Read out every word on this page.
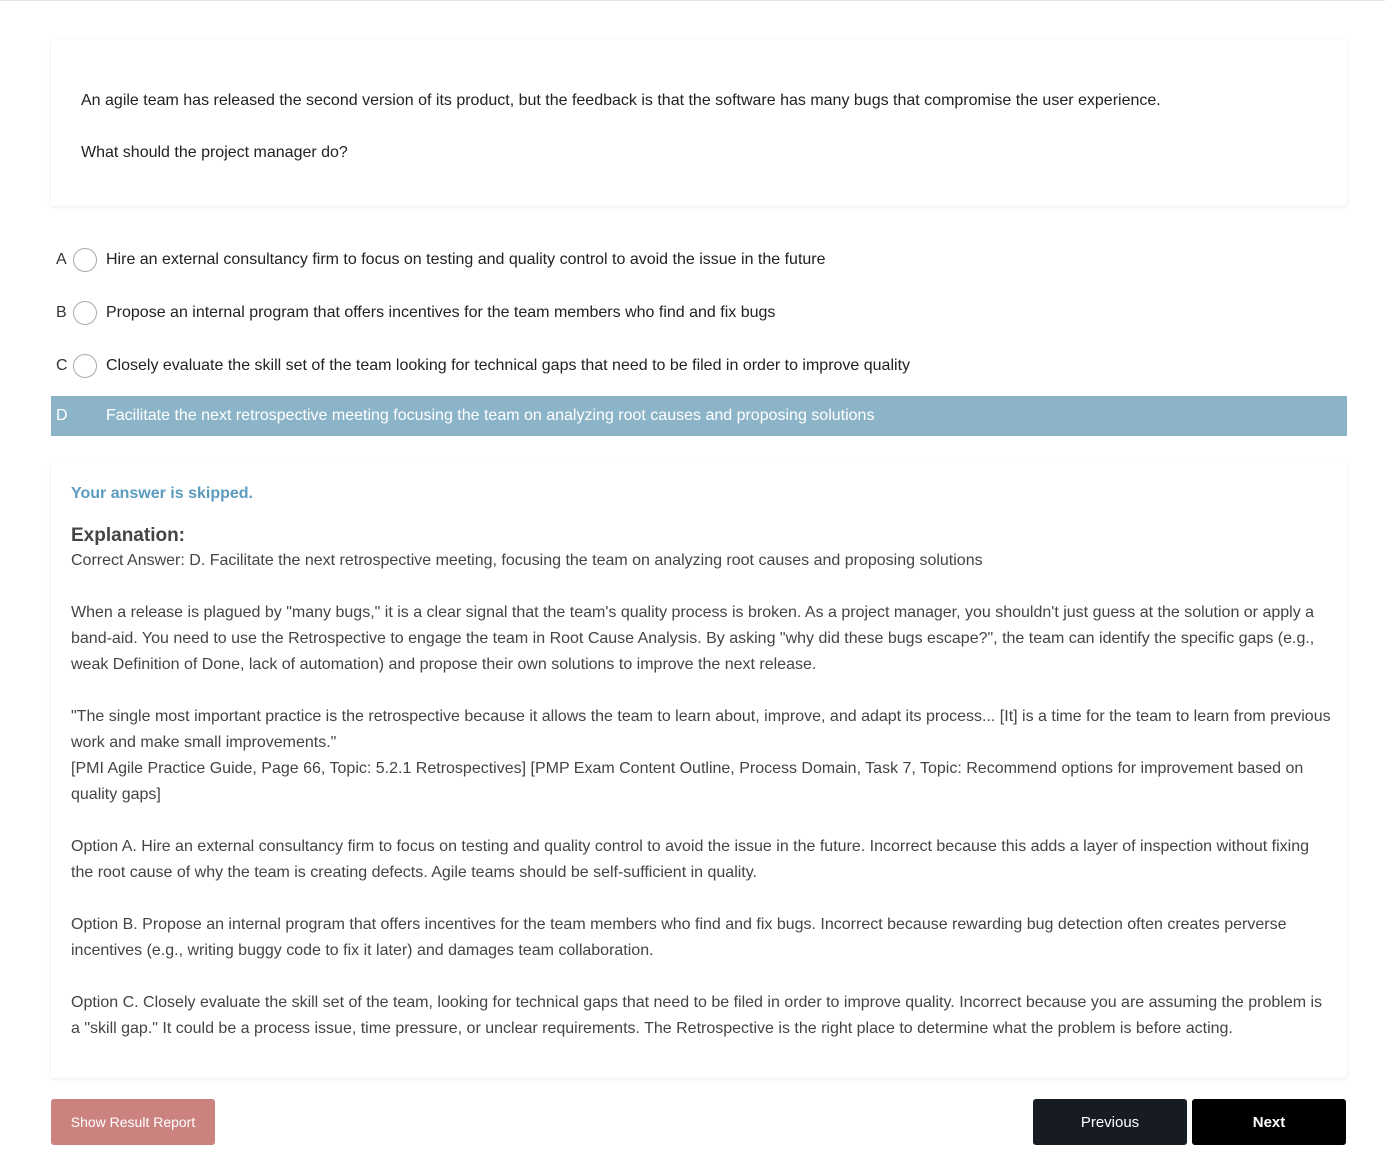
An agile team has released the second version of its product, but the feedback is that the software has many bugs that compromise the user experience.
What should the project manager do?
A Hire an external consultancy firm to focus on testing and quality control to avoid the issue in the future
B Propose an internal program that offers incentives for the team members who find and fix bugs
C Closely evaluate the skill set of the team looking for technical gaps that need to be filed in order to improve quality
D Facilitate the next retrospective meeting focusing the team on analyzing root causes and proposing solutions
Your answer is skipped.
Explanation:
Correct Answer: D. Facilitate the next retrospective meeting, focusing the team on analyzing root causes and proposing solutions
When a release is plagued by "many bugs," it is a clear signal that the team's quality process is broken. As a project manager, you shouldn't just guess at the solution or apply a band-aid. You need to use the Retrospective to engage the team in Root Cause Analysis. By asking "why did these bugs escape?", the team can identify the specific gaps (e.g., weak Definition of Done, lack of automation) and propose their own solutions to improve the next release.
"The single most important practice is the retrospective because it allows the team to learn about, improve, and adapt its process... [It] is a time for the team to learn from previous work and make small improvements."
[PMI Agile Practice Guide, Page 66, Topic: 5.2.1 Retrospectives] [PMP Exam Content Outline, Process Domain, Task 7, Topic: Recommend options for improvement based on quality gaps]
Option A. Hire an external consultancy firm to focus on testing and quality control to avoid the issue in the future. Incorrect because this adds a layer of inspection without fixing the root cause of why the team is creating defects. Agile teams should be self-sufficient in quality.
Option B. Propose an internal program that offers incentives for the team members who find and fix bugs. Incorrect because rewarding bug detection often creates perverse incentives (e.g., writing buggy code to fix it later) and damages team collaboration.
Option C. Closely evaluate the skill set of the team, looking for technical gaps that need to be filed in order to improve quality. Incorrect because you are assuming the problem is a "skill gap." It could be a process issue, time pressure, or unclear requirements. The Retrospective is the right place to determine what the problem is before acting.
Show Result Report	Previous	Next
